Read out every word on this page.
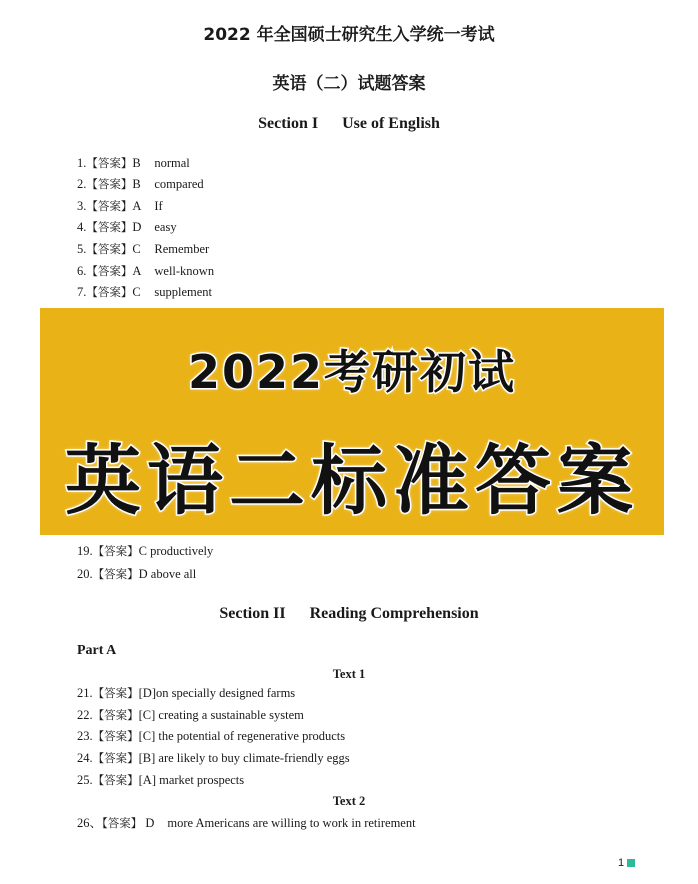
2022 年全国硕士研究生入学统一考试
英语（二）试题答案
Section I Use of English
1.【答案】B normal
2.【答案】B compared
3.【答案】A If
4.【答案】D easy
5.【答案】C Remember
6.【答案】A well-known
7.【答案】C supplement
2022考研初试
英语二标准答案
19.【答案】C productively
20.【答案】D above all
Section II Reading Comprehension
Part A
Text 1
21.【答案】[D]on specially designed farms
22.【答案】[C] creating a sustainable system
23.【答案】[C] the potential of regenerative products
24.【答案】[B] are likely to buy climate-friendly eggs
25.【答案】[A] market prospects
Text 2
26、【答案】 D more Americans are willing to work in retirement
1
